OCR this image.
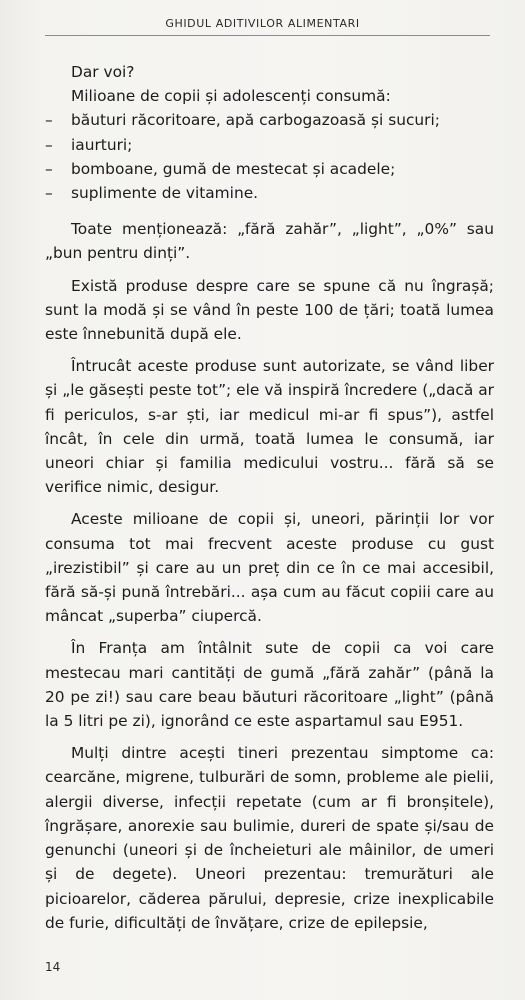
GHIDUL ADITIVILOR ALIMENTARI

Dar voi?

Milioane de copii și adolescenți consumă:

– băuturi răcoritoare, apă carbogazoasă și sucuri;
– iaurturi;
– bomboane, gumă de mestecat și acadele;
– suplimente de vitamine.

Toate menționează: „fără zahăr”, „light”, „0%” sau „bun pentru dinți”.

Există produse despre care se spune că nu îngrașă; sunt la modă și se vând în peste 100 de țări; toată lumea este înnebunită după ele.

Întrucât aceste produse sunt autorizate, se vând liber și „le găsești peste tot”; ele vă inspiră încredere („dacă ar fi periculos, s-ar ști, iar medicul mi-ar fi spus”), astfel încât, în cele din urmă, toată lumea le consumă, iar uneori chiar și familia medicului vostru... fără să se verifice nimic, desigur.

Aceste milioane de copii și, uneori, părinții lor vor consuma tot mai frecvent aceste produse cu gust „irezistibil” și care au un preț din ce în ce mai accesibil, fără să-și pună întrebări... așa cum au făcut copiii care au mâncat „superba” ciupercă.

În Franța am întâlnit sute de copii ca voi care mestecau mari cantități de gumă „fără zahăr” (până la 20 pe zi!) sau care beau băuturi răcoritoare „light” (până la 5 litri pe zi), ignorând ce este aspartamul sau E951.

Mulți dintre acești tineri prezentau simptome ca: cearcăne, migrene, tulburări de somn, probleme ale pielii, alergii diverse, infecții repetate (cum ar fi bronșitele), îngrășare, anorexie sau bulimie, dureri de spate și/sau de genunchi (uneori și de încheieturi ale mâinilor, de umeri și de degete). Uneori prezentau: tremurături ale picioarelor, căderea părului, depresie, crize inexplicabile de furie, dificultăți de învățare, crize de epilepsie,

14
